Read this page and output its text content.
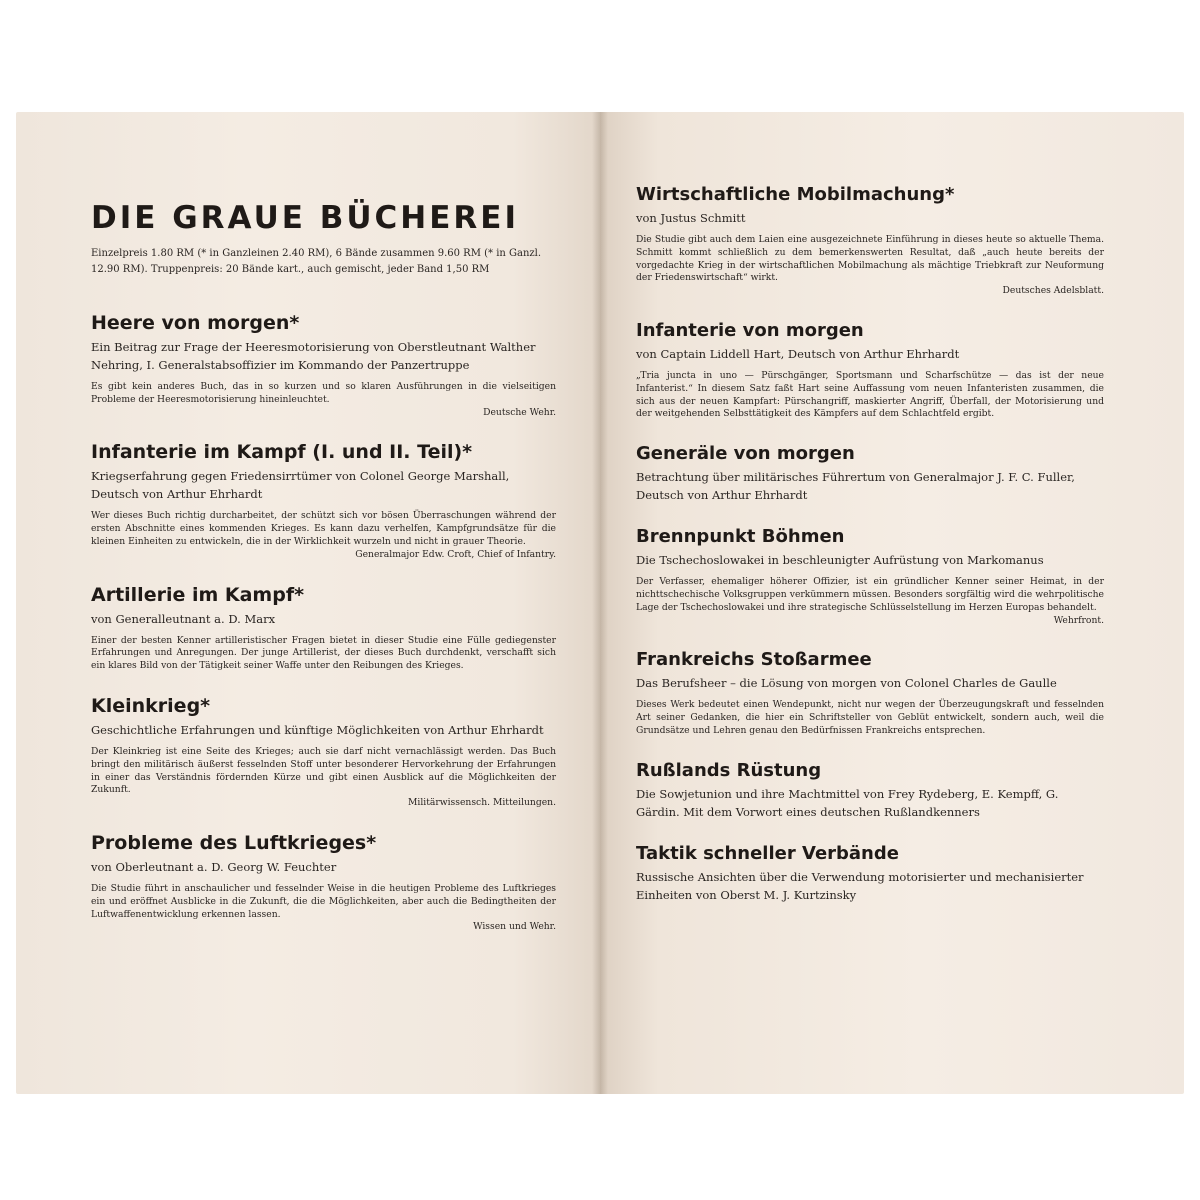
DIE GRAUE BÜCHEREI

Einzelpreis 1.80 RM (* in Ganzleinen 2.40 RM), 6 Bände zusammen 9.60 RM (* in Ganzl. 12.90 RM). Truppenpreis: 20 Bände kart., auch gemischt, jeder Band 1,50 RM

Heere von morgen*

Ein Beitrag zur Frage der Heeresmotorisierung von Oberstleutnant Walther Nehring, I. Generalstabsoffizier im Kommando der Panzertruppe

Es gibt kein anderes Buch, das in so kurzen und so klaren Ausführungen in die vielseitigen Probleme der Heeresmotorisierung hineinleuchtet.

Deutsche Wehr.

Infanterie im Kampf (I. und II. Teil)*

Kriegserfahrung gegen Friedensirrtümer von Colonel George Marshall, Deutsch von Arthur Ehrhardt

Wer dieses Buch richtig durcharbeitet, der schützt sich vor bösen Überraschungen während der ersten Abschnitte eines kommenden Krieges. Es kann dazu verhelfen, Kampfgrundsätze für die kleinen Einheiten zu entwickeln, die in der Wirklichkeit wurzeln und nicht in grauer Theorie.

Generalmajor Edw. Croft, Chief of Infantry.

Artillerie im Kampf*

von Generalleutnant a. D. Marx

Einer der besten Kenner artilleristischer Fragen bietet in dieser Studie eine Fülle gediegenster Erfahrungen und Anregungen. Der junge Artillerist, der dieses Buch durchdenkt, verschafft sich ein klares Bild von der Tätigkeit seiner Waffe unter den Reibungen des Krieges.

Kleinkrieg*

Geschichtliche Erfahrungen und künftige Möglichkeiten von Arthur Ehrhardt

Der Kleinkrieg ist eine Seite des Krieges; auch sie darf nicht vernachlässigt werden. Das Buch bringt den militärisch äußerst fesselnden Stoff unter besonderer Hervorkehrung der Erfahrungen in einer das Verständnis fördernden Kürze und gibt einen Ausblick auf die Möglichkeiten der Zukunft.

Militärwissensch. Mitteilungen.

Probleme des Luftkrieges*

von Oberleutnant a. D. Georg W. Feuchter

Die Studie führt in anschaulicher und fesselnder Weise in die heutigen Probleme des Luftkrieges ein und eröffnet Ausblicke in die Zukunft, die die Möglichkeiten, aber auch die Bedingtheiten der Luftwaffenentwicklung erkennen lassen.

Wissen und Wehr.

Wirtschaftliche Mobilmachung*

von Justus Schmitt

Die Studie gibt auch dem Laien eine ausgezeichnete Einführung in dieses heute so aktuelle Thema. Schmitt kommt schließlich zu dem bemerkenswerten Resultat, daß „auch heute bereits der vorgedachte Krieg in der wirtschaftlichen Mobilmachung als mächtige Triebkraft zur Neuformung der Friedenswirtschaft“ wirkt.

Deutsches Adelsblatt.

Infanterie von morgen

von Captain Liddell Hart, Deutsch von Arthur Ehrhardt

„Tria juncta in uno — Pürschgänger, Sportsmann und Scharfschütze — das ist der neue Infanterist.“ In diesem Satz faßt Hart seine Auffassung vom neuen Infanteristen zusammen, die sich aus der neuen Kampfart: Pürschangriff, maskierter Angriff, Überfall, der Motorisierung und der weitgehenden Selbsttätigkeit des Kämpfers auf dem Schlachtfeld ergibt.

Generäle von morgen

Betrachtung über militärisches Führertum von Generalmajor J. F. C. Fuller, Deutsch von Arthur Ehrhardt

Brennpunkt Böhmen

Die Tschechoslowakei in beschleunigter Aufrüstung von Markomanus

Der Verfasser, ehemaliger höherer Offizier, ist ein gründlicher Kenner seiner Heimat, in der nichttschechische Volksgruppen verkümmern müssen. Besonders sorgfältig wird die wehrpolitische Lage der Tschechoslowakei und ihre strategische Schlüsselstellung im Herzen Europas behandelt.

Wehrfront.

Frankreichs Stoßarmee

Das Berufsheer – die Lösung von morgen von Colonel Charles de Gaulle

Dieses Werk bedeutet einen Wendepunkt, nicht nur wegen der Überzeugungskraft und fesselnden Art seiner Gedanken, die hier ein Schriftsteller von Geblüt entwickelt, sondern auch, weil die Grundsätze und Lehren genau den Bedürfnissen Frankreichs entsprechen.

Rußlands Rüstung

Die Sowjetunion und ihre Machtmittel von Frey Rydeberg, E. Kempff, G. Gärdin. Mit dem Vorwort eines deutschen Rußlandkenners

Taktik schneller Verbände

Russische Ansichten über die Verwendung motorisierter und mechanisierter Einheiten von Oberst M. J. Kurtzinsky
